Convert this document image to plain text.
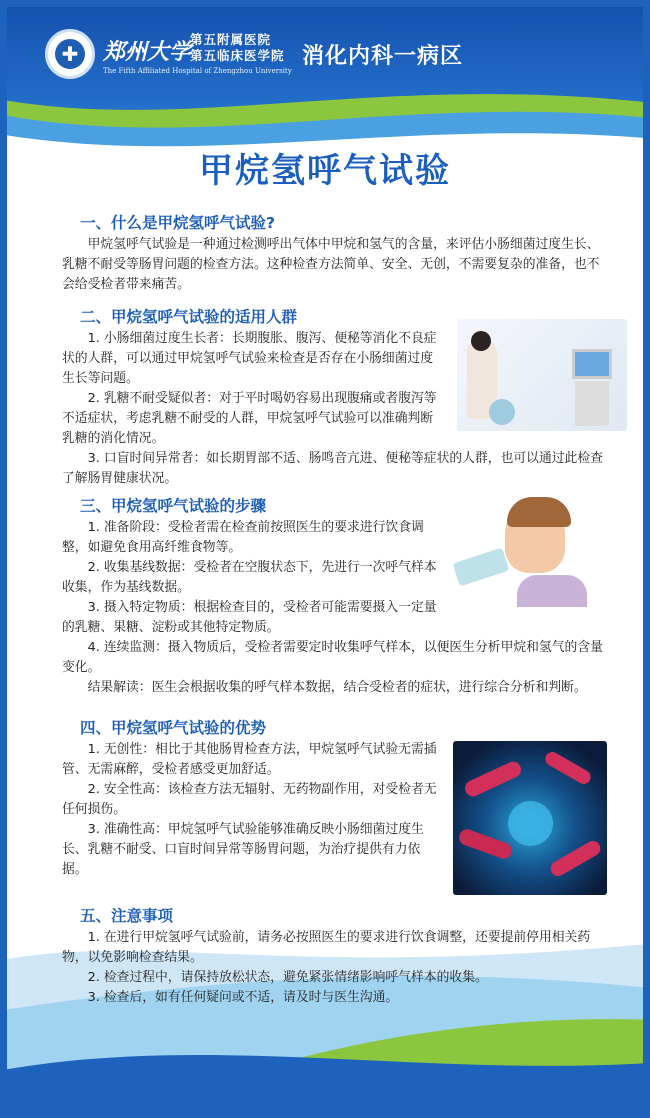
✚	郑州大学
第五附属医院
第五临床医学院
The Fifth Affiliated Hospital of Zhengzhou University
消化内科一病区
甲烷氢呼气试验
一、什么是甲烷氢呼气试验?

甲烷氢呼气试验是一种通过检测呼出气体中甲烷和氢气的含量，来评估小肠细菌过度生长、乳糖不耐受等肠胃问题的检查方法。这种检查方法简单、安全、无创，不需要复杂的准备，也不会给受检者带来痛苦。

二、甲烷氢呼气试验的适用人群

1. 小肠细菌过度生长者：长期腹胀、腹泻、便秘等消化不良症状的人群，可以通过甲烷氢呼气试验来检查是否存在小肠细菌过度生长等问题。

2. 乳糖不耐受疑似者：对于平时喝奶容易出现腹痛或者腹泻等不适症状，考虑乳糖不耐受的人群，甲烷氢呼气试验可以准确判断乳糖的消化情况。

3. 口盲时间异常者：如长期胃部不适、肠鸣音亢进、便秘等症状的人群，也可以通过此检查了解肠胃健康状况。

三、甲烷氢呼气试验的步骤

1. 准备阶段：受检者需在检查前按照医生的要求进行饮食调整，如避免食用高纤维食物等。

2. 收集基线数据：受检者在空腹状态下，先进行一次呼气样本收集，作为基线数据。

3. 摄入特定物质：根据检查目的，受检者可能需要摄入一定量的乳糖、果糖、淀粉或其他特定物质。

4. 连续监测：摄入物质后，受检者需要定时收集呼气样本，以便医生分析甲烷和氢气的含量变化。

结果解读：医生会根据收集的呼气样本数据，结合受检者的症状，进行综合分析和判断。

四、甲烷氢呼气试验的优势

1. 无创性：相比于其他肠胃检查方法，甲烷氢呼气试验无需插管、无需麻醉，受检者感受更加舒适。

2. 安全性高：该检查方法无辐射、无药物副作用，对受检者无任何损伤。

3. 准确性高：甲烷氢呼气试验能够准确反映小肠细菌过度生长、乳糖不耐受、口盲时间异常等肠胃问题，为治疗提供有力依据。

五、注意事项

1. 在进行甲烷氢呼气试验前，请务必按照医生的要求进行饮食调整，还要提前停用相关药物，以免影响检查结果。

2. 检查过程中，请保持放松状态，避免紧张情绪影响呼气样本的收集。

3. 检查后，如有任何疑问或不适，请及时与医生沟通。
